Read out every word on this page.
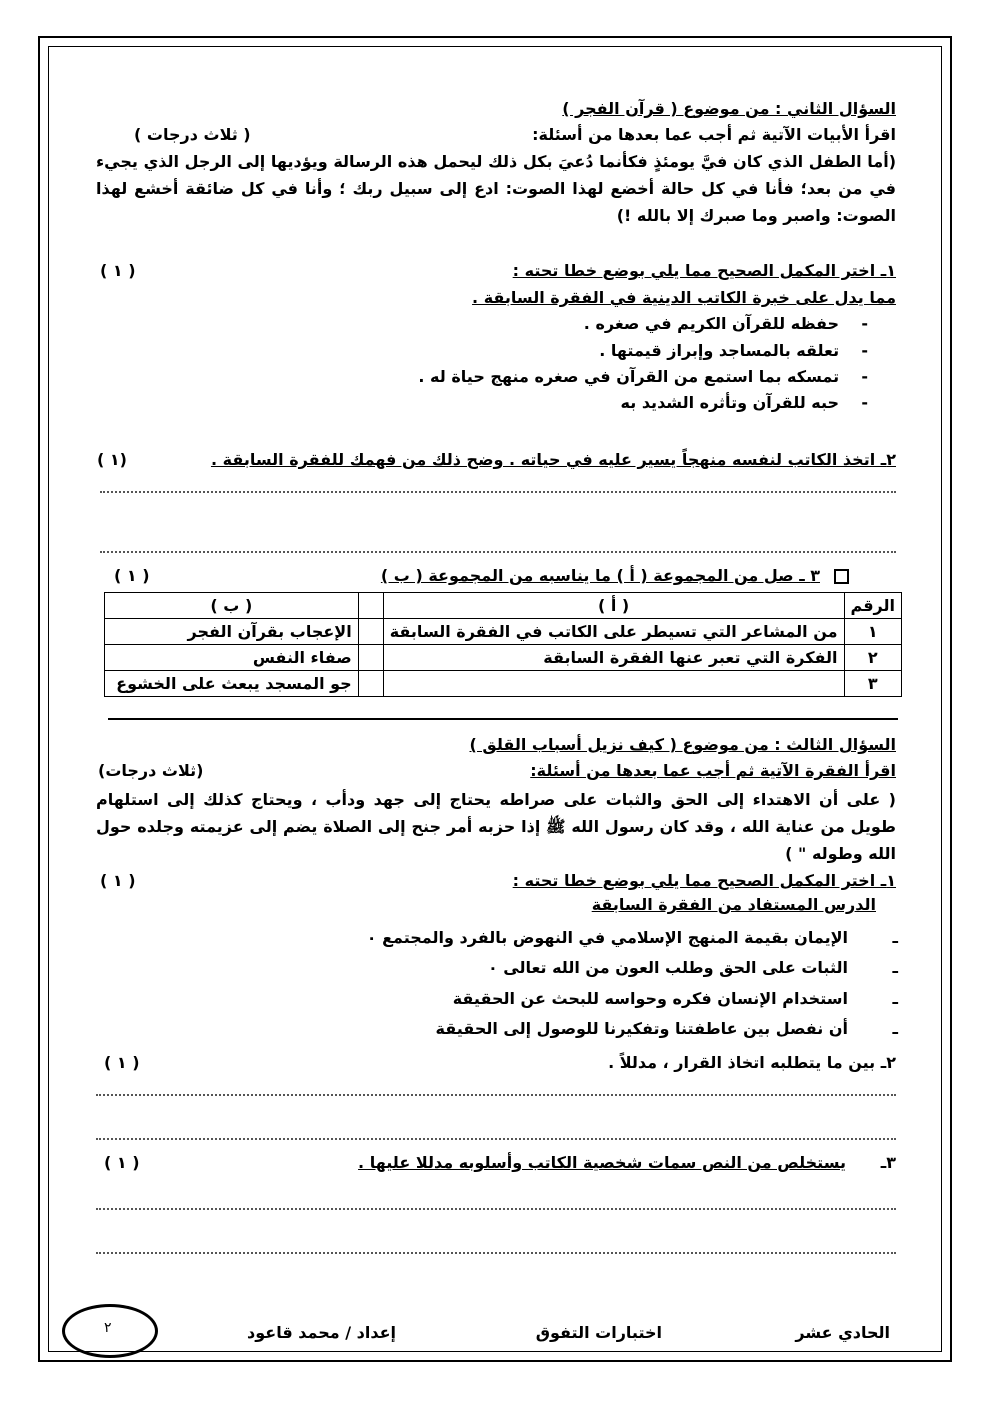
السؤال الثاني : من موضوع ( قرآن الفجر )
اقرأ الأبيات الآتية ثم أجب عما بعدها من أسئلة:
( ثلاث درجات )
(أما الطفل الذي كان فيَّ يومئذٍ فكأنما دُعيَ بكل ذلك ليحمل هذه الرسالة ويؤديها إلى الرجل الذي يجيء في من بعد؛ فأنا في كل حالة أخضع لهذا الصوت: ادع إلى سبيل ربك ؛ وأنا في كل ضائقة أخشع لهذا الصوت: واصبر وما صبرك إلا بالله !)
١ـ اختر المكمل الصحيح مما يلي بوضع خطا تحته :
( ١ )
مما يدل على خبرة الكاتب الدينية في الفقرة السابقة .
-    حفظه للقرآن الكريم في صغره .
-    تعلقه بالمساجد وإبراز قيمتها .
-    تمسكه بما استمع من القرآن في صغره منهج حياة له .
-    حبه للقرآن وتأثره الشديد به
٢ـ اتخذ الكاتب لنفسه منهجاً يسير عليه في حياته . وضح ذلك من فهمك للفقرة السابقة .
( ١)
٣ ـ صل من المجموعة ( أ ) ما يناسبه من المجموعة ( ب )
( ١ )
الرقم	( أ )		( ب )
١	من المشاعر التي تسيطر على الكاتب في الفقرة السابقة		الإعجاب بقرآن الفجر
٢	الفكرة التي تعبر عنها الفقرة السابقة		صفاء النفس
٣			جو المسجد يبعث على الخشوع
السؤال الثالث : من موضوع ( كيف نزيل أسباب القلق )
اقرأ الفقرة الآتية ثم أجب عما بعدها من أسئلة:
(ثلاث درجات)
( على أن الاهتداء إلى الحق والثبات على صراطه يحتاج إلى جهد ودأب ، ويحتاج كذلك إلى استلهام طويل من عناية الله ، وقد كان رسول الله ﷺ إذا حزبه أمر جنح إلى الصلاة يضم إلى عزيمته وجلده حول الله وطوله " )
١ـ اختر المكمل الصحيح مما يلي بوضع خطا تحته :
( ١ )
الدرس المستفاد من الفقرة السابقة
ـ        الإيمان بقيمة المنهج الإسلامي في النهوض بالفرد والمجتمع ٠
ـ        الثبات على الحق وطلب العون من الله تعالى ٠
ـ        استخدام الإنسان فكره وحواسه للبحث عن الحقيقة
ـ        أن نفصل بين عاطفتنا وتفكيرنا للوصول إلى الحقيقة
٢ـ بين ما يتطلبه اتخاذ القرار ، مدللاً .
( ١ )
٣ـ
يستخلص من النص سمات شخصية الكاتب وأسلوبه مدللا عليها .
( ١ )
الحادي عشر
اختبارات التفوق
إعداد / محمد قاعود
٢
